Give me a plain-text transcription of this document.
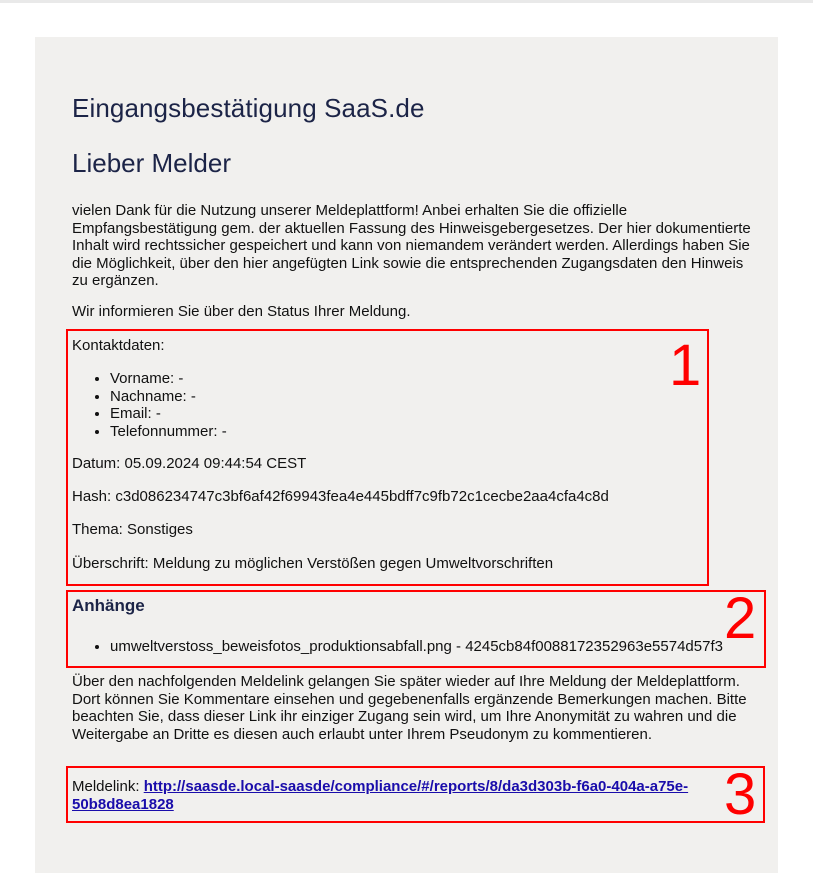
Eingangsbestätigung SaaS.de
Lieber Melder

vielen Dank für die Nutzung unserer Meldeplattform! Anbei erhalten Sie die offizielle Empfangsbestätigung gem. der aktuellen Fassung des Hinweisgebergesetzes. Der hier dokumentierte Inhalt wird rechtssicher gespeichert und kann von niemandem verändert werden. Allerdings haben Sie die Möglichkeit, über den hier angefügten Link sowie die entsprechenden Zugangsdaten den Hinweis zu ergänzen.

Wir informieren Sie über den Status Ihrer Meldung.

1

Kontaktdaten:

• Vorname: -
• Nachname: -
• Email: -
• Telefonnummer: -

Datum: 05.09.2024 09:44:54 CEST

Hash: c3d086234747c3bf6af42f69943fea4e445bdff7c9fb72c1cecbe2aa4cfa4c8d

Thema: Sonstiges

Überschrift: Meldung zu möglichen Verstößen gegen Umweltvorschriften

2
Anhänge
• umweltverstoss_beweisfotos_produktionsabfall.png - 4245cb84f0088172352963e5574d57f3

Über den nachfolgenden Meldelink gelangen Sie später wieder auf Ihre Meldung der Meldeplattform. Dort können Sie Kommentare einsehen und gegebenenfalls ergänzende Bemerkungen machen. Bitte beachten Sie, dass dieser Link ihr einziger Zugang sein wird, um Ihre Anonymität zu wahren und die Weitergabe an Dritte es diesen auch erlaubt unter Ihrem Pseudonym zu kommentieren.

3

Meldelink: http://saasde.local-saasde/compliance/#/reports/8/da3d303b-f6a0-404a-a75e-50b8d8ea1828
